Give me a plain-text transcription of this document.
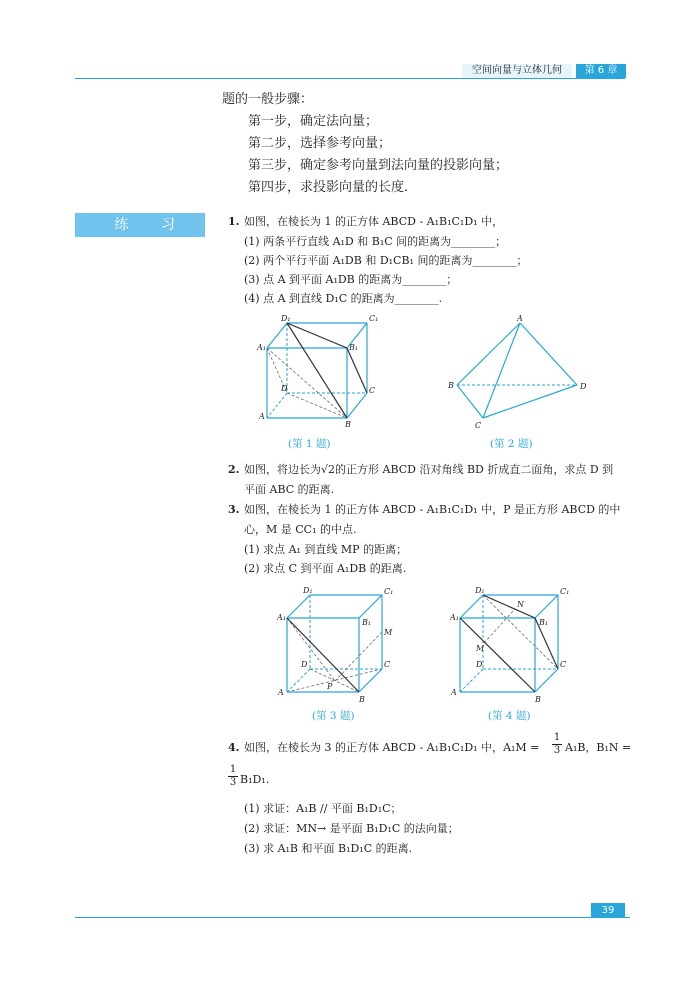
空间向量与立体几何	第 6 章
题的一般步骤：
第一步，确定法向量；
第二步，选择参考向量；
第三步，确定参考向量到法向量的投影向量；
第四步，求投影向量的长度.
练 习	1. 如图，在棱长为 1 的正方体 ABCD - A₁B₁C₁D₁ 中，
(1) 两条平行直线 A₁D 和 B₁C 间的距离为________；
(2) 两个平行平面 A₁DB 和 D₁CB₁ 间的距离为________；
(3) 点 A 到平面 A₁DB 的距离为________；
(4) 点 A 到直线 D₁C 的距离为________.
D₁	C₁
A₁	B₁
D	C
A
B
(第 1 题)
A
B	D
C
(第 2 题)
2. 如图，将边长为√2的正方形 ABCD 沿对角线 BD 折成直二面角，求点 D 到
平面 ABC 的距离.
3. 如图，在棱长为 1 的正方体 ABCD - A₁B₁C₁D₁ 中，P 是正方形 ABCD 的中
心，M 是 CC₁ 的中点.
(1) 求点 A₁ 到直线 MP 的距离；
(2) 求点 C 到平面 A₁DB 的距离.
D₁	C₁
A₁
B₁
M
D	C
P
A
B
(第 3 题)
D₁
N
C₁
A₁
B₁
M
D	C
A
B
(第 4 题)
4. 如图，在棱长为 3 的正方体 ABCD - A₁B₁C₁D₁ 中，$A_1M = \frac{1}{3} A_1B$，B₁N =
$\frac{1}{3} B_1D_1$.
(1) 求证：A₁B // 平面 B₁D₁C；
(2) 求证：MN→ 是平面 B₁D₁C 的法向量；
(3) 求 A₁B 和平面 B₁D₁C 的距离.
39
